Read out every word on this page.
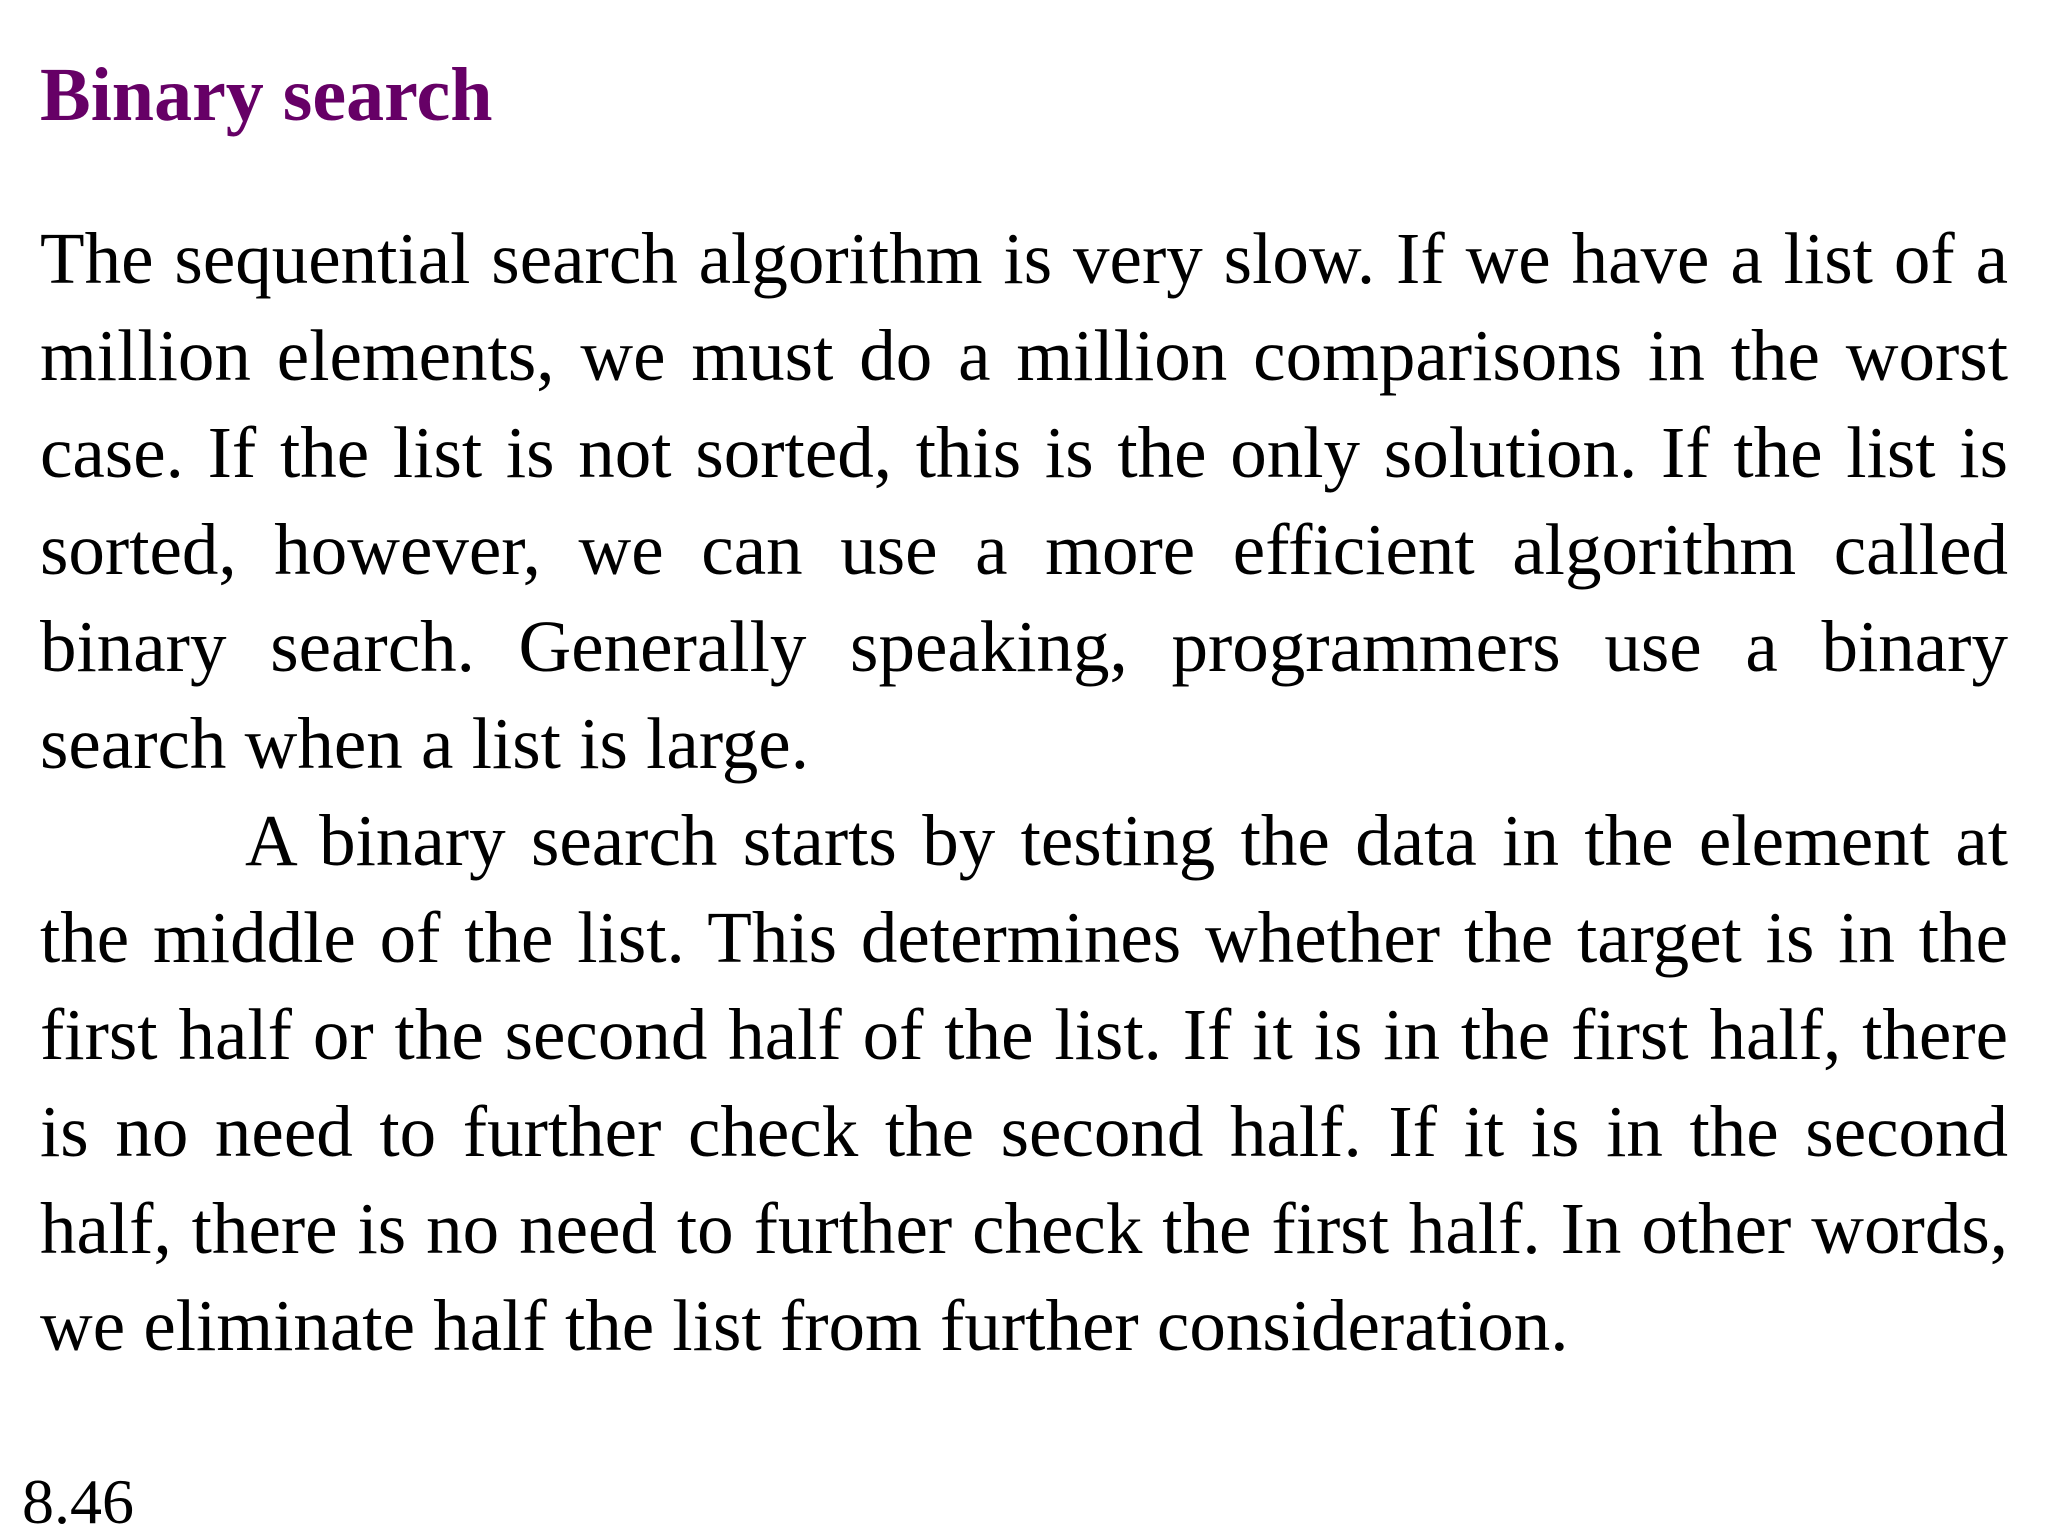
Binary search

The sequential search algorithm is very slow. If we have a list of a million elements, we must do a million comparisons in the worst case. If the list is not sorted, this is the only solution. If the list is sorted, however, we can use a more efficient algorithm called binary search. Generally speaking, programmers use a binary search when a list is large.

A binary search starts by testing the data in the element at the middle of the list. This determines whether the target is in the first half or the second half of the list. If it is in the first half, there is no need to further check the second half. If it is in the second half, there is no need to further check the first half. In other words, we eliminate half the list from further consideration.

8.46
